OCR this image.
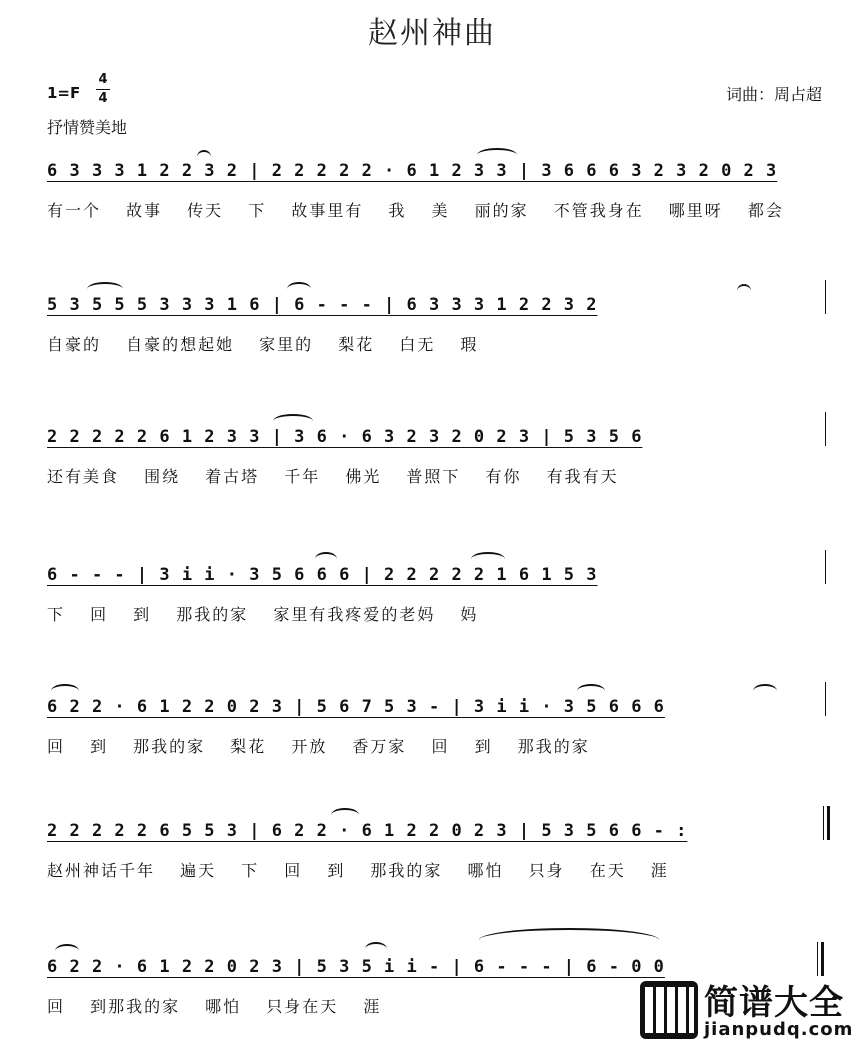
赵州神曲
1=F
4
4	词曲：周占超
抒情赞美地
6 3 3 3 1 2 2 3 2 | 2 2 2 2 2 · 6 1 2 3 3 | 3 6 6 6 3 2 3 2 0 2 3
有一个 故事 传天 下 故事里有 我 美 丽的家 不管我身在 哪里呀 都会
5 3 5 5 5 3 3 3 1 6 | 6 - - - | 6 3 3 3 1 2 2 3 2
自豪的 自豪的想起她 家里的 梨花 白无 瑕
2 2 2 2 2 6 1 2 3 3 | 3 6 · 6 3 2 3 2 0 2 3 | 5 3 5 6
还有美食 围绕 着古塔 千年 佛光 普照下 有你 有我有天
6 - - - | 3 i i · 3 5 6 6 6 | 2 2 2 2 2 1 6 1 5 3
下 回 到 那我的家 家里有我疼爱的老妈 妈
6 2 2 · 6 1 2 2 0 2 3 | 5 6 7 5 3 - | 3 i i · 3 5 6 6 6
回 到 那我的家 梨花 开放 香万家 回 到 那我的家
2 2 2 2 2 6 5 5 3 | 6 2 2 · 6 1 2 2 0 2 3 | 5 3 5 6 6 - :
赵州神话千年 遍天 下 回 到 那我的家 哪怕 只身 在天 涯
6 2 2 · 6 1 2 2 0 2 3 | 5 3 5 i i - | 6 - - - | 6 - 0 0
回 到那我的家 哪怕 只身在天 涯	简谱大全
jianpudq.com
